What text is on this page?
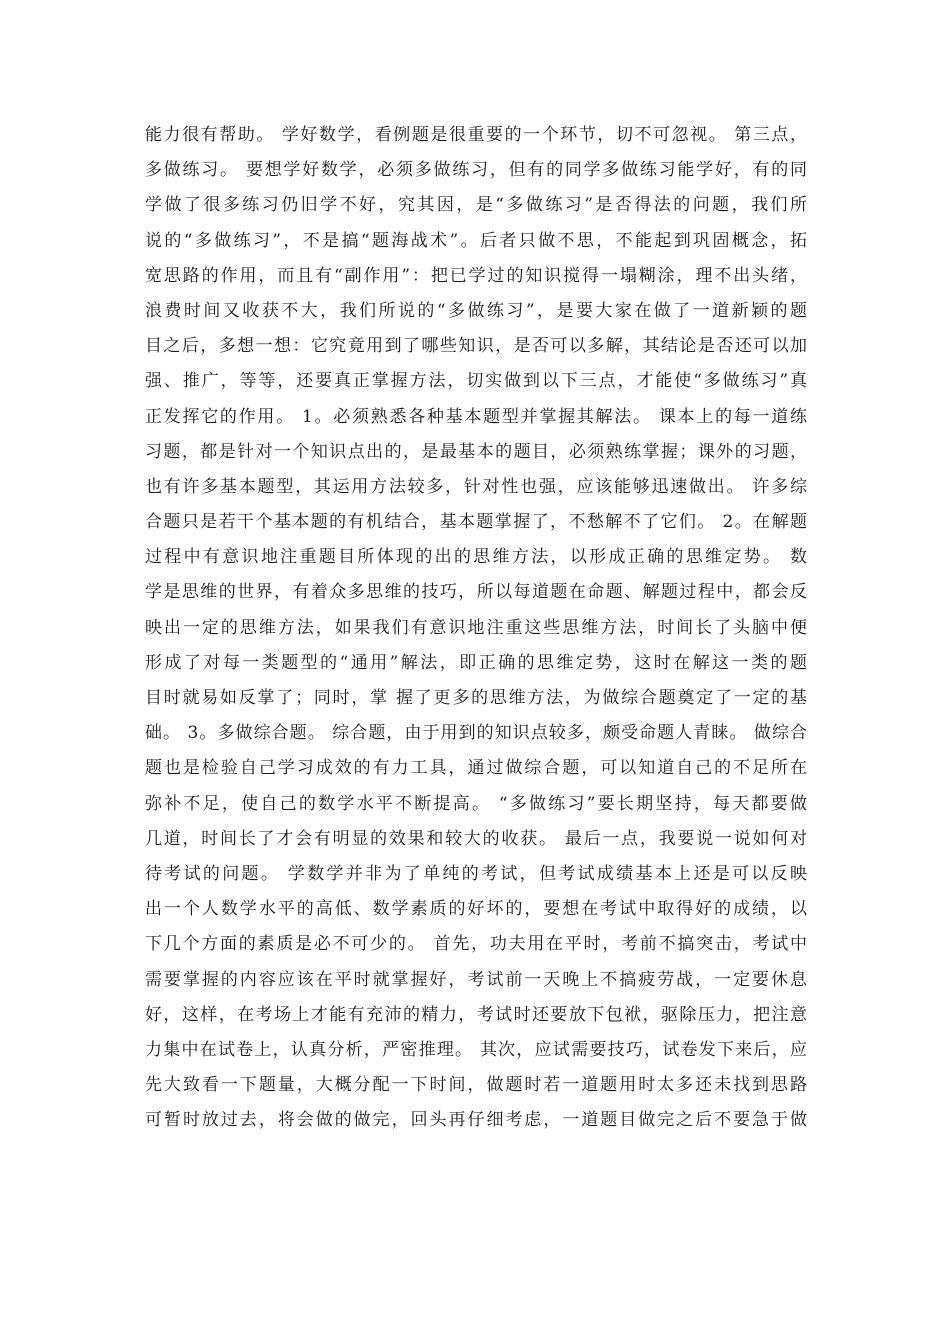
能力很有帮助。 学好数学，看例题是很重要的一个环节，切不可忽视。 第三点，
多做练习。 要想学好数学，必须多做练习，但有的同学多做练习能学好，有的同
学做了很多练习仍旧学不好，究其因，是“多做练习”是否得法的问题，我们所
说的“多做练习”，不是搞“题海战术”。后者只做不思，不能起到巩固概念，拓
宽思路的作用，而且有“副作用”：把已学过的知识搅得一塌糊涂，理不出头绪，
浪费时间又收获不大，我们所说的“多做练习”，是要大家在做了一道新颖的题
目之后，多想一想：它究竟用到了哪些知识，是否可以多解，其结论是否还可以加
强、推广，等等，还要真正掌握方法，切实做到以下三点，才能使“多做练习”真
正发挥它的作用。 1。必须熟悉各种基本题型并掌握其解法。 课本上的每一道练
习题，都是针对一个知识点出的，是最基本的题目，必须熟练掌握；课外的习题，
也有许多基本题型，其运用方法较多，针对性也强，应该能够迅速做出。 许多综
合题只是若干个基本题的有机结合，基本题掌握了，不愁解不了它们。 2。在解题
过程中有意识地注重题目所体现的出的思维方法，以形成正确的思维定势。 数
学是思维的世界，有着众多思维的技巧，所以每道题在命题、解题过程中，都会反
映出一定的思维方法，如果我们有意识地注重这些思维方法，时间长了头脑中便
形成了对每一类题型的“通用”解法，即正确的思维定势，这时在解这一类的题
目时就易如反掌了；同时，掌 握了更多的思维方法，为做综合题奠定了一定的基
础。 3。多做综合题。 综合题，由于用到的知识点较多，颇受命题人青睐。 做综合
题也是检验自己学习成效的有力工具，通过做综合题，可以知道自己的不足所在
弥补不足，使自己的数学水平不断提高。 “多做练习”要长期坚持，每天都要做
几道，时间长了才会有明显的效果和较大的收获。 最后一点，我要说一说如何对
待考试的问题。 学数学并非为了单纯的考试，但考试成绩基本上还是可以反映
出一个人数学水平的高低、数学素质的好坏的，要想在考试中取得好的成绩，以
下几个方面的素质是必不可少的。 首先，功夫用在平时，考前不搞突击，考试中
需要掌握的内容应该在平时就掌握好，考试前一天晚上不搞疲劳战，一定要休息
好，这样，在考场上才能有充沛的精力，考试时还要放下包袱，驱除压力，把注意
力集中在试卷上，认真分析，严密推理。 其次，应试需要技巧，试卷发下来后，应
先大致看一下题量，大概分配一下时间，做题时若一道题用时太多还未找到思路
可暂时放过去，将会做的做完，回头再仔细考虑，一道题目做完之后不要急于做
